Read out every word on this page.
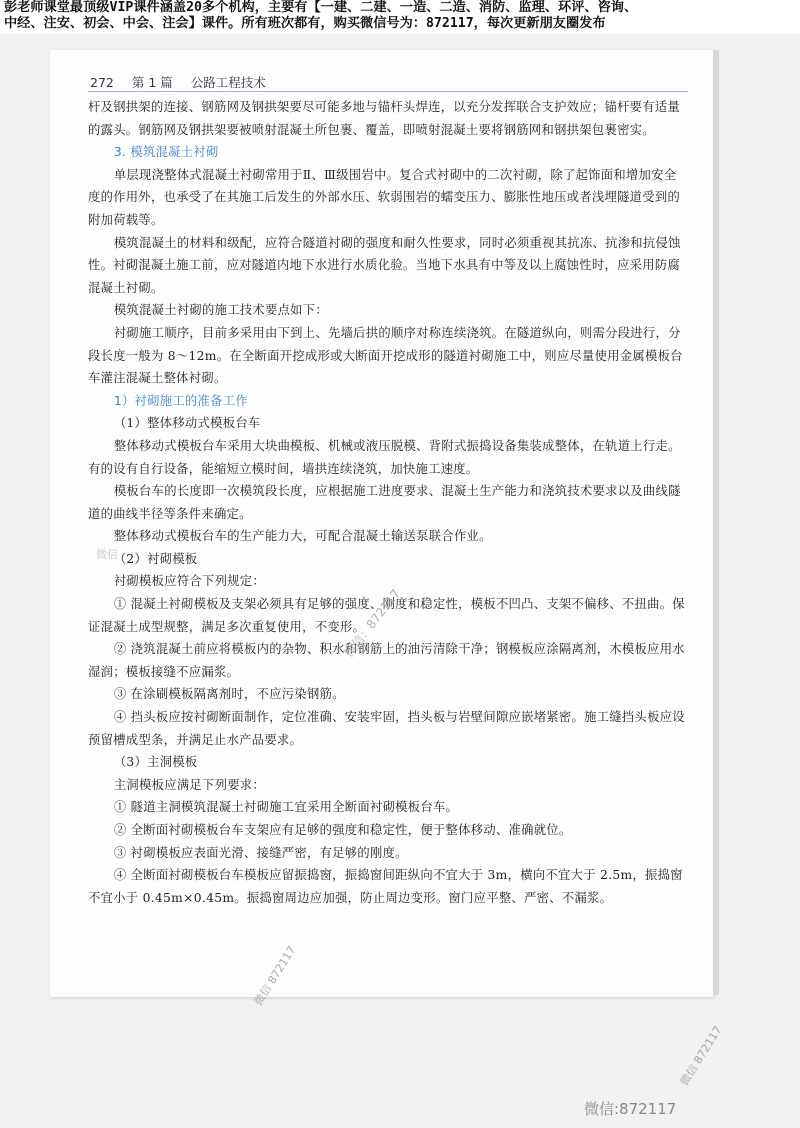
彭老师课堂最顶级VIP课件涵盖20多个机构，主要有【一建、二建、一造、二造、消防、监理、环评、咨询、
中经、注安、初会、中会、注会】课件。所有班次都有，购买微信号为：872117，每次更新朋友圈发布
272 第 1 篇 公路工程技术

杆及钢拱架的连接、钢筋网及钢拱架要尽可能多地与锚杆头焊连，以充分发挥联合支护效应；锚杆要有适量的露头。钢筋网及钢拱架要被喷射混凝土所包裹、覆盖，即喷射混凝土要将钢筋网和钢拱架包裹密实。

3. 模筑混凝土衬砌

单层现浇整体式混凝土衬砌常用于Ⅱ、Ⅲ级围岩中。复合式衬砌中的二次衬砌，除了起饰面和增加安全度的作用外，也承受了在其施工后发生的外部水压、软弱围岩的蠕变压力、膨胀性地压或者浅埋隧道受到的附加荷载等。

模筑混凝土的材料和级配，应符合隧道衬砌的强度和耐久性要求，同时必须重视其抗冻、抗渗和抗侵蚀性。衬砌混凝土施工前，应对隧道内地下水进行水质化验。当地下水具有中等及以上腐蚀性时，应采用防腐混凝土衬砌。

模筑混凝土衬砌的施工技术要点如下：

衬砌施工顺序，目前多采用由下到上、先墙后拱的顺序对称连续浇筑。在隧道纵向，则需分段进行，分段长度一般为 8～12m。在全断面开挖成形或大断面开挖成形的隧道衬砌施工中，则应尽量使用金属模板台车灌注混凝土整体衬砌。

1）衬砌施工的准备工作

（1）整体移动式模板台车

整体移动式模板台车采用大块曲模板、机械或液压脱模、背附式振捣设备集装成整体，在轨道上行走。有的设有自行设备，能缩短立模时间，墙拱连续浇筑，加快施工速度。

模板台车的长度即一次模筑段长度，应根据施工进度要求、混凝土生产能力和浇筑技术要求以及曲线隧道的曲线半径等条件来确定。

整体移动式模板台车的生产能力大，可配合混凝土输送泵联合作业。

（2）衬砌模板

衬砌模板应符合下列规定：

① 混凝土衬砌模板及支架必须具有足够的强度、刚度和稳定性，模板不凹凸、支架不偏移、不扭曲。保证混凝土成型规整，满足多次重复使用，不变形。

② 浇筑混凝土前应将模板内的杂物、积水和钢筋上的油污清除干净；钢模板应涂隔离剂，木模板应用水湿润；模板接缝不应漏浆。

③ 在涂刷模板隔离剂时，不应污染钢筋。

④ 挡头板应按衬砌断面制作，定位准确、安装牢固，挡头板与岩壁间隙应嵌堵紧密。施工缝挡头板应设预留槽成型条，并满足止水产品要求。

（3）主洞模板

主洞模板应满足下列要求：

① 隧道主洞模筑混凝土衬砌施工宜采用全断面衬砌模板台车。

② 全断面衬砌模板台车支架应有足够的强度和稳定性，便于整体移动、准确就位。

③ 衬砌模板应表面光滑、接缝严密，有足够的刚度。

④ 全断面衬砌模板台车模板应留振捣窗，振捣窗间距纵向不宜大于 3m，横向不宜大于 2.5m，振捣窗不宜小于 0.45m×0.45m。振捣窗周边应加强，防止周边变形。窗门应平整、严密、不漏浆。

微信
微信：872117
微信 872117
微信 872117
微信:872117
